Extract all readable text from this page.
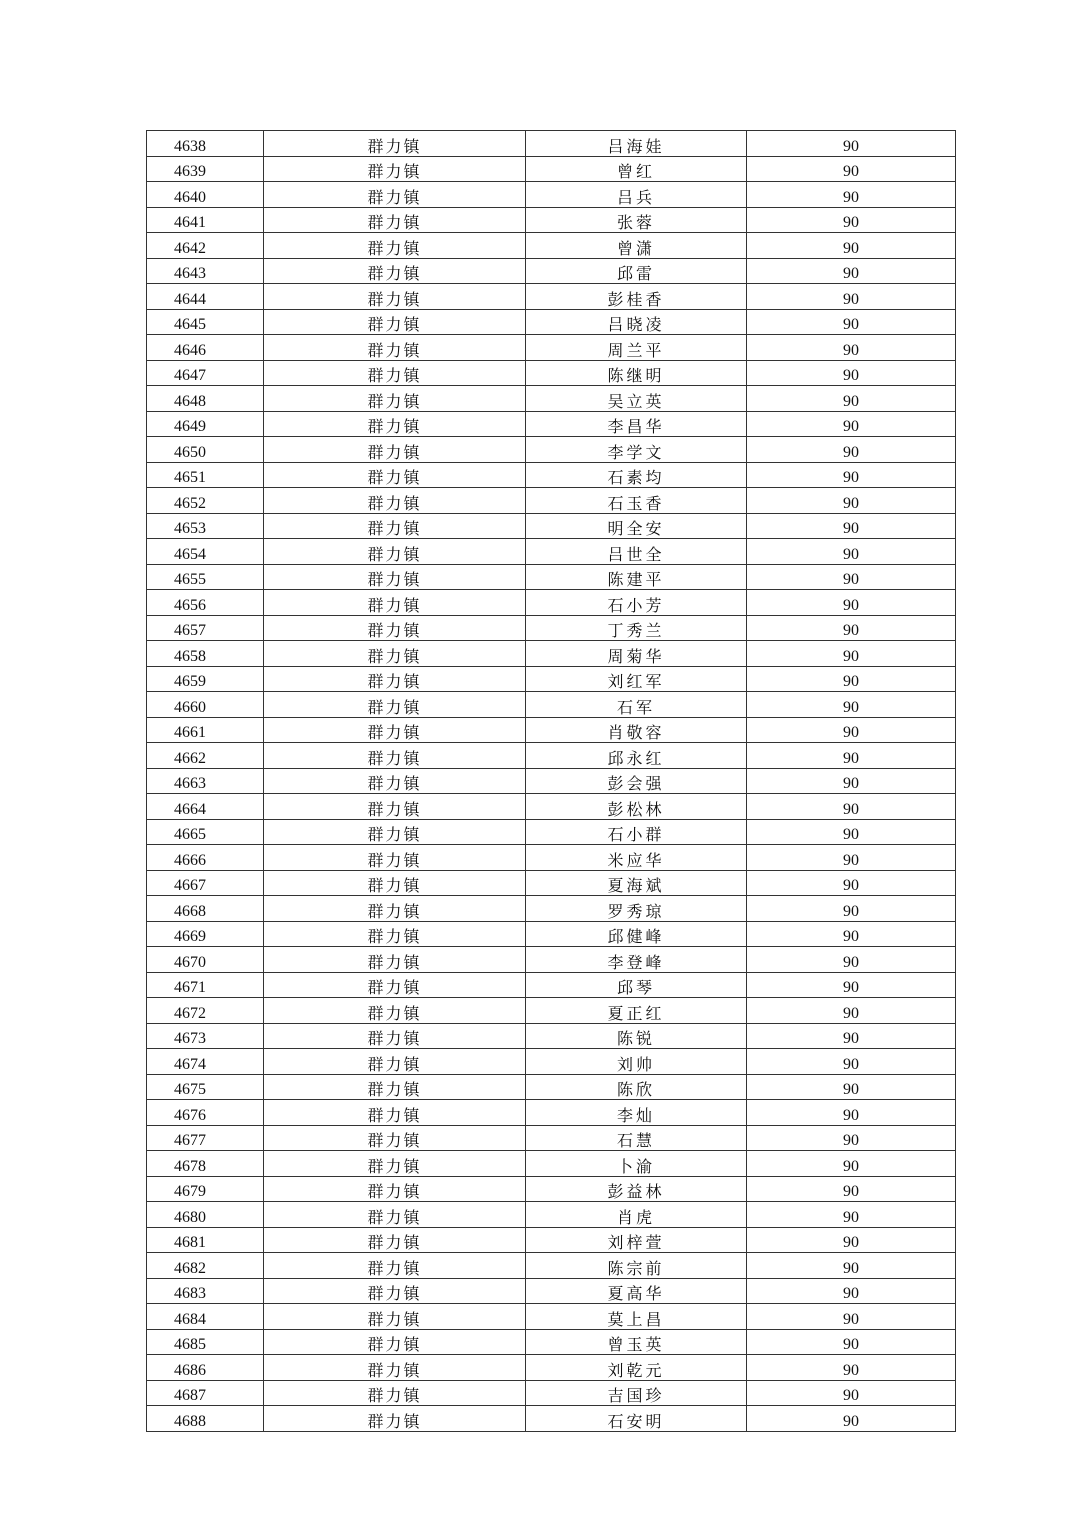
4638	群力镇	吕海娃	90
4639	群力镇	曾红	90
4640	群力镇	吕兵	90
4641	群力镇	张蓉	90
4642	群力镇	曾潇	90
4643	群力镇	邱雷	90
4644	群力镇	彭桂香	90
4645	群力镇	吕晓凌	90
4646	群力镇	周兰平	90
4647	群力镇	陈继明	90
4648	群力镇	吴立英	90
4649	群力镇	李昌华	90
4650	群力镇	李学文	90
4651	群力镇	石素均	90
4652	群力镇	石玉香	90
4653	群力镇	明全安	90
4654	群力镇	吕世全	90
4655	群力镇	陈建平	90
4656	群力镇	石小芳	90
4657	群力镇	丁秀兰	90
4658	群力镇	周菊华	90
4659	群力镇	刘红军	90
4660	群力镇	石军	90
4661	群力镇	肖敬容	90
4662	群力镇	邱永红	90
4663	群力镇	彭会强	90
4664	群力镇	彭松林	90
4665	群力镇	石小群	90
4666	群力镇	米应华	90
4667	群力镇	夏海斌	90
4668	群力镇	罗秀琼	90
4669	群力镇	邱健峰	90
4670	群力镇	李登峰	90
4671	群力镇	邱琴	90
4672	群力镇	夏正红	90
4673	群力镇	陈锐	90
4674	群力镇	刘帅	90
4675	群力镇	陈欣	90
4676	群力镇	李灿	90
4677	群力镇	石慧	90
4678	群力镇	卜渝	90
4679	群力镇	彭益林	90
4680	群力镇	肖虎	90
4681	群力镇	刘梓萱	90
4682	群力镇	陈宗前	90
4683	群力镇	夏高华	90
4684	群力镇	莫上昌	90
4685	群力镇	曾玉英	90
4686	群力镇	刘乾元	90
4687	群力镇	吉国珍	90
4688	群力镇	石安明	90
